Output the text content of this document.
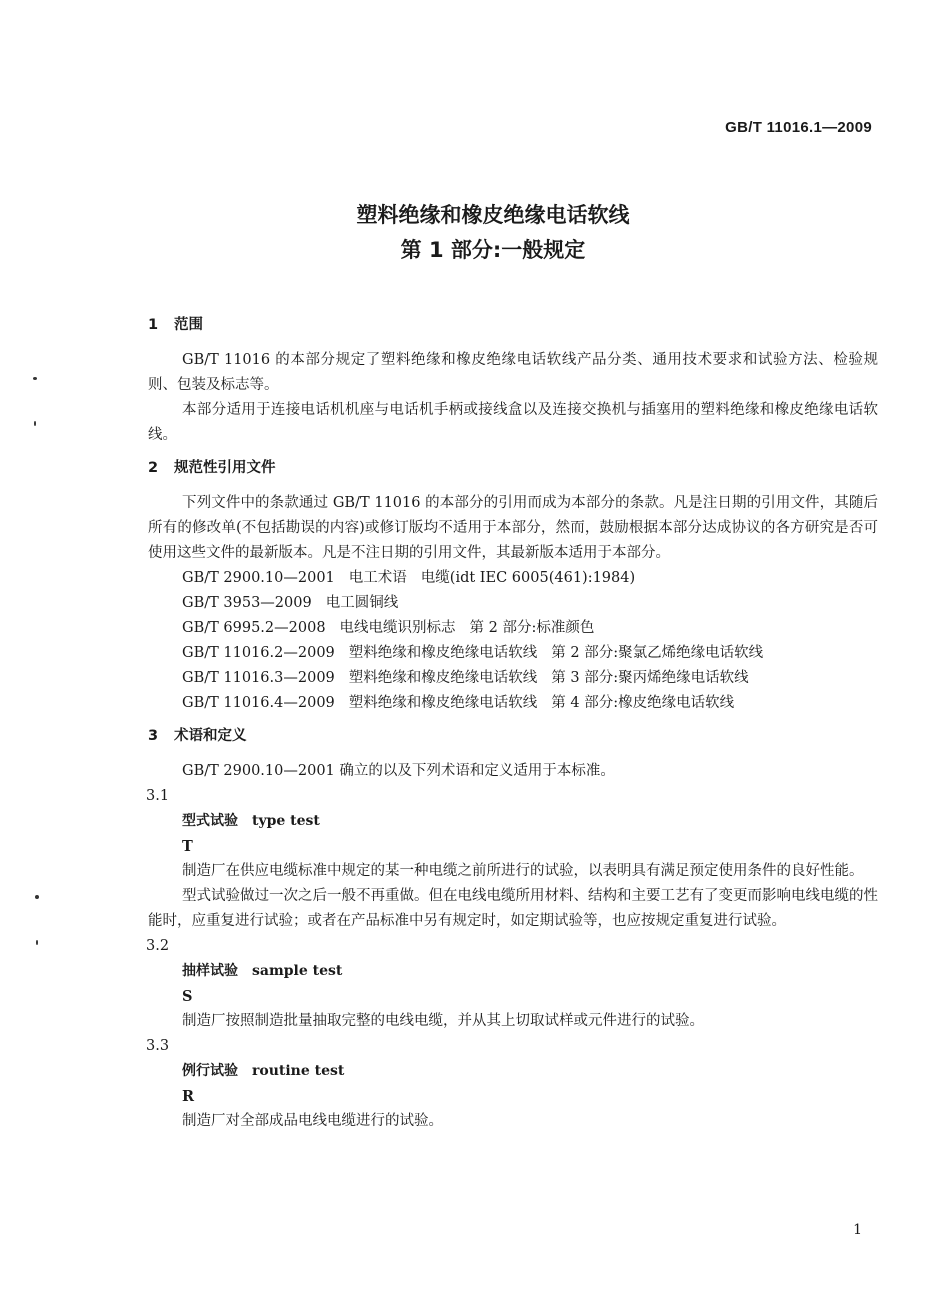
GB/T 11016.1—2009
塑料绝缘和橡皮绝缘电话软线
第 1 部分:一般规定
1 范围

GB/T 11016 的本部分规定了塑料绝缘和橡皮绝缘电话软线产品分类、通用技术要求和试验方法、检验规则、包装及标志等。

本部分适用于连接电话机机座与电话机手柄或接线盒以及连接交换机与插塞用的塑料绝缘和橡皮绝缘电话软线。

2 规范性引用文件

下列文件中的条款通过 GB/T 11016 的本部分的引用而成为本部分的条款。凡是注日期的引用文件，其随后所有的修改单(不包括勘误的内容)或修订版均不适用于本部分，然而，鼓励根据本部分达成协议的各方研究是否可使用这些文件的最新版本。凡是不注日期的引用文件，其最新版本适用于本部分。

GB/T 2900.10—2001 电工术语 电缆(idt IEC 6005(461):1984)
GB/T 3953—2009 电工圆铜线
GB/T 6995.2—2008 电线电缆识别标志 第 2 部分:标准颜色
GB/T 11016.2—2009 塑料绝缘和橡皮绝缘电话软线 第 2 部分:聚氯乙烯绝缘电话软线
GB/T 11016.3—2009 塑料绝缘和橡皮绝缘电话软线 第 3 部分:聚丙烯绝缘电话软线
GB/T 11016.4—2009 塑料绝缘和橡皮绝缘电话软线 第 4 部分:橡皮绝缘电话软线
3 术语和定义

GB/T 2900.10—2001 确立的以及下列术语和定义适用于本标准。

3.1
型式试验 type test
T

制造厂在供应电缆标准中规定的某一种电缆之前所进行的试验，以表明具有满足预定使用条件的良好性能。

型式试验做过一次之后一般不再重做。但在电线电缆所用材料、结构和主要工艺有了变更而影响电线电缆的性能时，应重复进行试验；或者在产品标准中另有规定时，如定期试验等，也应按规定重复进行试验。

3.2
抽样试验 sample test
S

制造厂按照制造批量抽取完整的电线电缆，并从其上切取试样或元件进行的试验。

3.3
例行试验 routine test
R

制造厂对全部成品电线电缆进行的试验。

1
